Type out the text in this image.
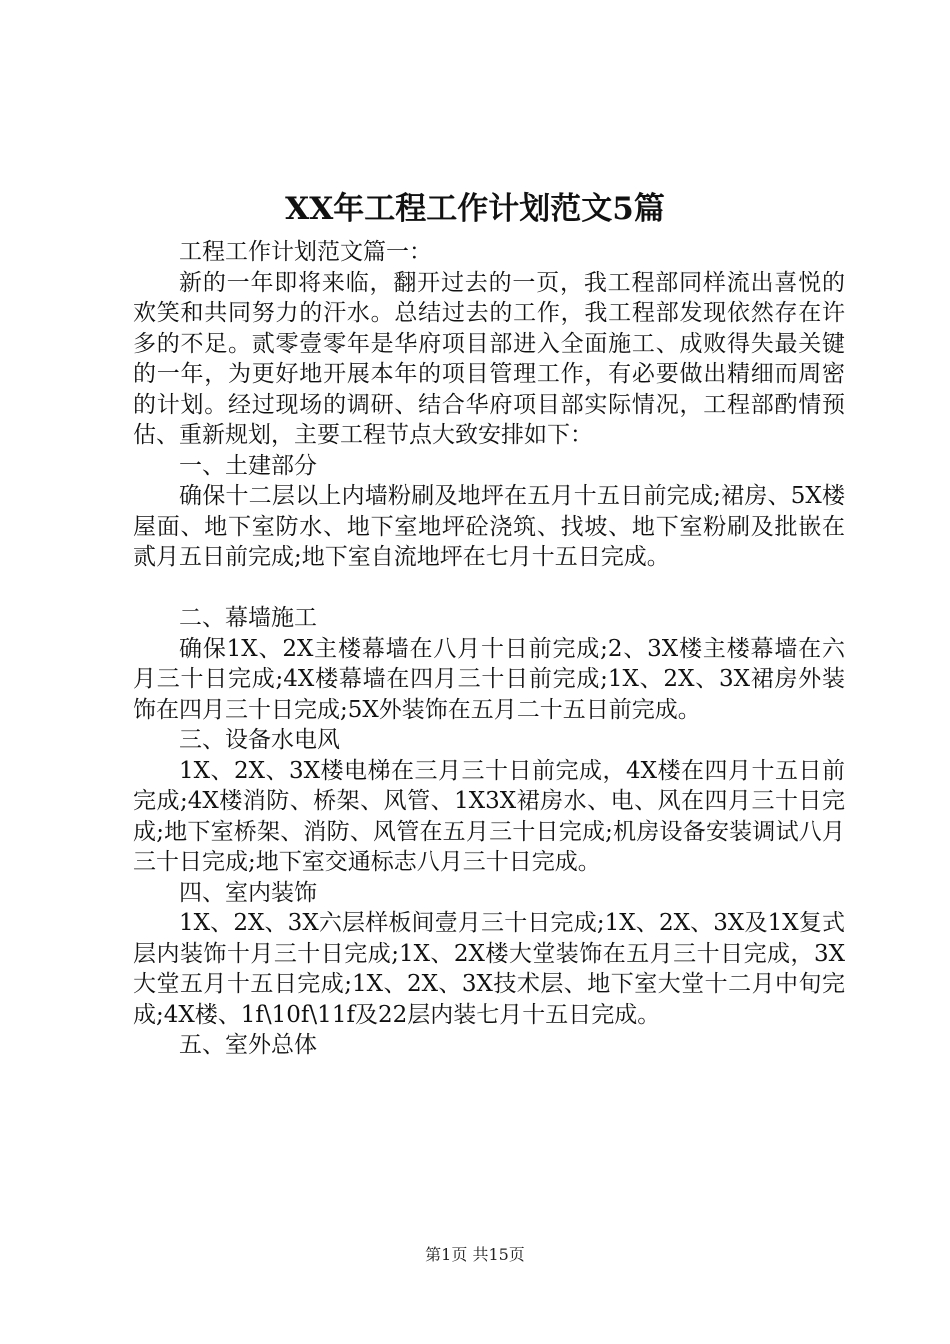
XX年工程工作计划范文5篇

工程工作计划范文篇一：

新的一年即将来临，翻开过去的一页，我工程部同样流出喜悦的欢笑和共同努力的汗水。总结过去的工作，我工程部发现依然存在许多的不足。贰零壹零年是华府项目部进入全面施工、成败得失最关键的一年，为更好地开展本年的项目管理工作，有必要做出精细而周密的计划。经过现场的调研、结合华府项目部实际情况，工程部酌情预估、重新规划，主要工程节点大致安排如下：

一、土建部分

确保十二层以上内墙粉刷及地坪在五月十五日前完成;裙房、5X楼屋面、地下室防水、地下室地坪砼浇筑、找坡、地下室粉刷及批嵌在贰月五日前完成;地下室自流地坪在七月十五日完成。

二、幕墙施工

确保1X、2X主楼幕墙在八月十日前完成;2、3X楼主楼幕墙在六月三十日完成;4X楼幕墙在四月三十日前完成;1X、2X、3X裙房外装饰在四月三十日完成;5X外装饰在五月二十五日前完成。

三、设备水电风

1X、2X、3X楼电梯在三月三十日前完成，4X楼在四月十五日前完成;4X楼消防、桥架、风管、1X3X裙房水、电、风在四月三十日完成;地下室桥架、消防、风管在五月三十日完成;机房设备安装调试八月三十日完成;地下室交通标志八月三十日完成。

四、室内装饰

1X、2X、3X六层样板间壹月三十日完成;1X、2X、3X及1X复式层内装饰十月三十日完成;1X、2X楼大堂装饰在五月三十日完成，3X大堂五月十五日完成;1X、2X、3X技术层、地下室大堂十二月中旬完成;4X楼、1f\10f\11f及22层内装七月十五日完成。

五、室外总体

第1页 共15页
